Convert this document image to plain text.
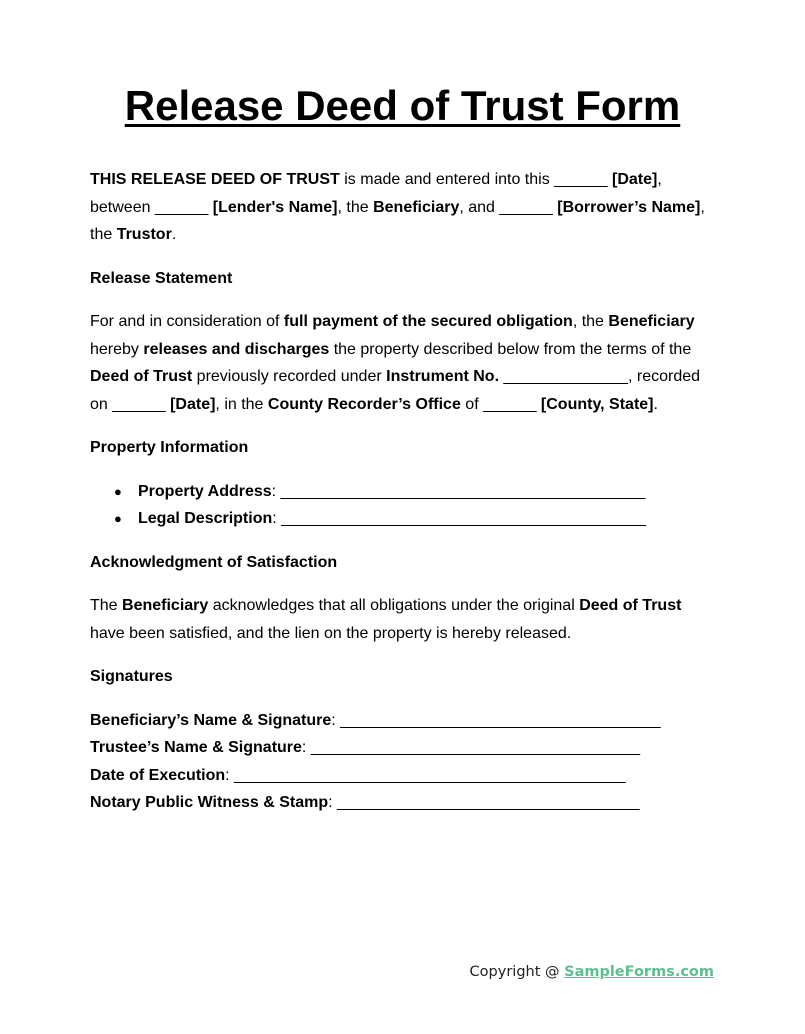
Release Deed of Trust Form

THIS RELEASE DEED OF TRUST is made and entered into this ______ [Date], between ______ [Lender's Name], the Beneficiary, and ______ [Borrower’s Name], the Trustor.

Release Statement

For and in consideration of full payment of the secured obligation, the Beneficiary hereby releases and discharges the property described below from the terms of the Deed of Trust previously recorded under Instrument No. ______________, recorded on ______ [Date], in the County Recorder’s Office of ______ [County, State].

Property Information
● Property Address: _________________________________________
● Legal Description: _________________________________________
Acknowledgment of Satisfaction

The Beneficiary acknowledges that all obligations under the original Deed of Trust have been satisfied, and the lien on the property is hereby released.

Signatures

Beneficiary’s Name & Signature: ____________________________________

Trustee’s Name & Signature: _____________________________________

Date of Execution: ____________________________________________

Notary Public Witness & Stamp: __________________________________

Copyright @ SampleForms.com
